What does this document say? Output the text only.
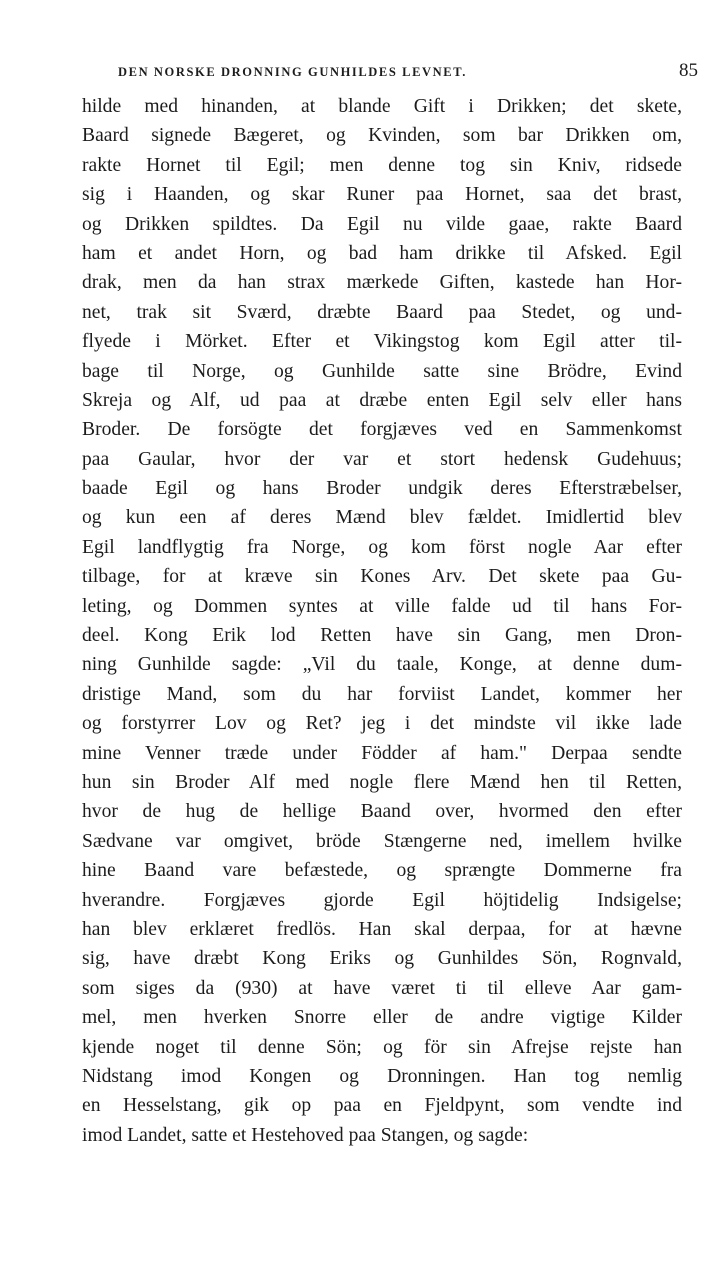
DEN NORSKE DRONNING GUNHILDES LEVNET.	85
hilde med hinanden, at blande Gift i Drikken; det skete,
Baard signede Bægeret, og Kvinden, som bar Drikken om,
rakte Hornet til Egil; men denne tog sin Kniv, ridsede
sig i Haanden, og skar Runer paa Hornet, saa det brast,
og Drikken spildtes. Da Egil nu vilde gaae, rakte Baard
ham et andet Horn, og bad ham drikke til Afsked. Egil
drak, men da han strax mærkede Giften, kastede han Hor-
net, trak sit Sværd, dræbte Baard paa Stedet, og und-
flyede i Mörket. Efter et Vikingstog kom Egil atter til-
bage til Norge, og Gunhilde satte sine Brödre, Evind
Skreja og Alf, ud paa at dræbe enten Egil selv eller hans
Broder. De forsögte det forgjæves ved en Sammenkomst
paa Gaular, hvor der var et stort hedensk Gudehuus;
baade Egil og hans Broder undgik deres Efterstræbelser,
og kun een af deres Mænd blev fældet. Imidlertid blev
Egil landflygtig fra Norge, og kom först nogle Aar efter
tilbage, for at kræve sin Kones Arv. Det skete paa Gu-
leting, og Dommen syntes at ville falde ud til hans For-
deel. Kong Erik lod Retten have sin Gang, men Dron-
ning Gunhilde sagde: „Vil du taale, Konge, at denne dum-
dristige Mand, som du har forviist Landet, kommer her
og forstyrrer Lov og Ret? jeg i det mindste vil ikke lade
mine Venner træde under Födder af ham." Derpaa sendte
hun sin Broder Alf med nogle flere Mænd hen til Retten,
hvor de hug de hellige Baand over, hvormed den efter
Sædvane var omgivet, bröde Stængerne ned, imellem hvilke
hine Baand vare befæstede, og sprængte Dommerne fra
hverandre. Forgjæves gjorde Egil höjtidelig Indsigelse;
han blev erklæret fredlös. Han skal derpaa, for at hævne
sig, have dræbt Kong Eriks og Gunhildes Sön, Rognvald,
som siges da (930) at have været ti til elleve Aar gam-
mel, men hverken Snorre eller de andre vigtige Kilder
kjende noget til denne Sön; og för sin Afrejse rejste han
Nidstang imod Kongen og Dronningen. Han tog nemlig
en Hesselstang, gik op paa en Fjeldpynt, som vendte ind
imod Landet, satte et Hestehoved paa Stangen, og sagde:
